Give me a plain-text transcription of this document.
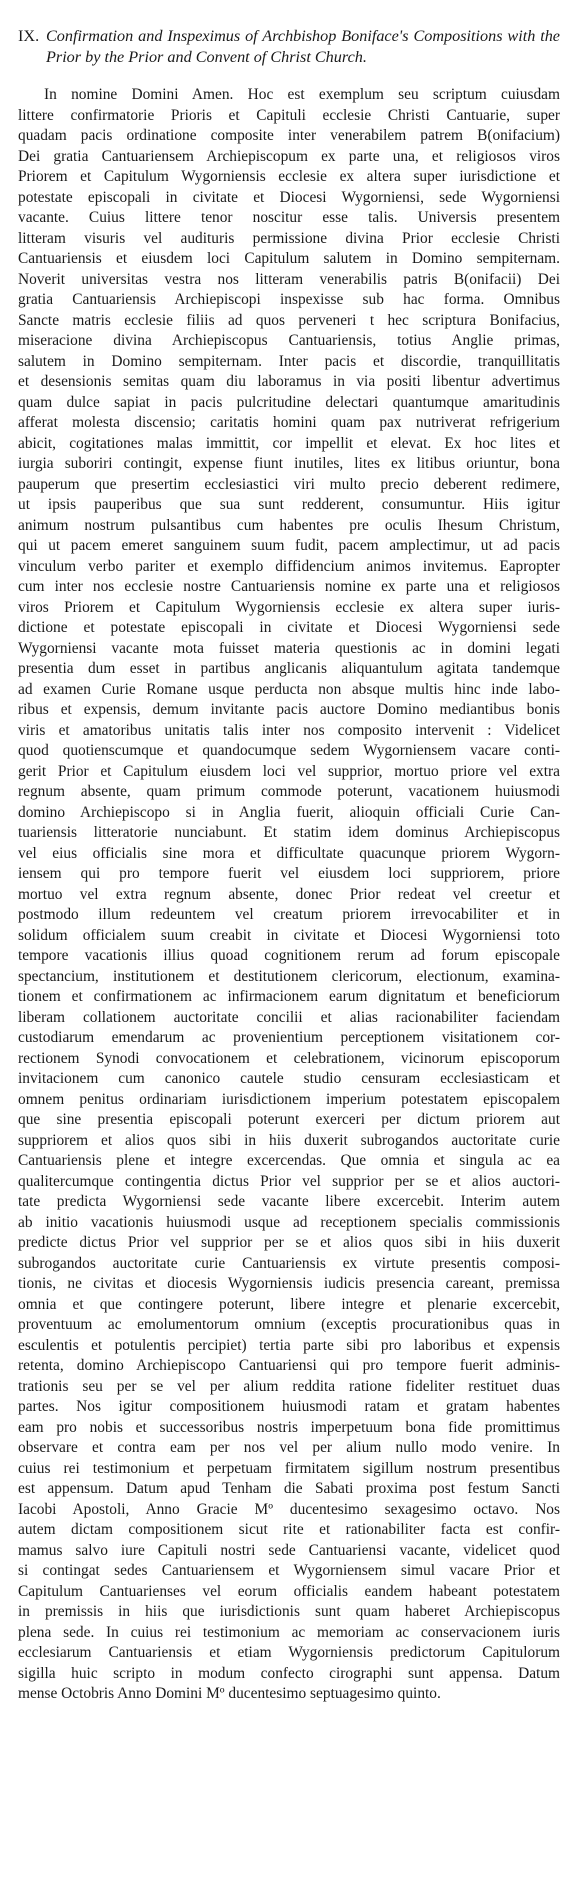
IX. Confirmation and Inspeximus of Archbishop Boniface's Compositions with the Prior by the Prior and Convent of Christ Church.
In nomine Domini Amen. Hoc est exemplum seu scriptum cuiusdam
littere confirmatorie Prioris et Capituli ecclesie Christi Cantuarie, super
quadam pacis ordinatione composite inter venerabilem patrem B(onifacium)
Dei gratia Cantuariensem Archiepiscopum ex parte una, et religiosos viros
Priorem et Capitulum Wygorniensis ecclesie ex altera super iurisdictione et
potestate episcopali in civitate et Diocesi Wygorniensi, sede Wygorniensi
vacante. Cuius littere tenor noscitur esse talis. Universis presentem
litteram visuris vel audituris permissione divina Prior ecclesie Christi
Cantuariensis et eiusdem loci Capitulum salutem in Domino sempiternam.
Noverit universitas vestra nos litteram venerabilis patris B(onifacii) Dei
gratia Cantuariensis Archiepiscopi inspexisse sub hac forma. Omnibus
Sancte matris ecclesie filiis ad quos perveneri t hec scriptura Bonifacius,
miseracione divina Archiepiscopus Cantuariensis, totius Anglie primas,
salutem in Domino sempiternam. Inter pacis et discordie, tranquillitatis
et desensionis semitas quam diu laboramus in via positi libentur advertimus
quam dulce sapiat in pacis pulcritudine delectari quantumque amaritudinis
afferat molesta discensio; caritatis homini quam pax nutriverat refrigerium
abicit, cogitationes malas immittit, cor impellit et elevat. Ex hoc lites et
iurgia suboriri contingit, expense fiunt inutiles, lites ex litibus oriuntur, bona
pauperum que presertim ecclesiastici viri multo precio deberent redimere,
ut ipsis pauperibus que sua sunt redderent, consumuntur. Hiis igitur
animum nostrum pulsantibus cum habentes pre oculis Ihesum Christum,
qui ut pacem emeret sanguinem suum fudit, pacem amplectimur, ut ad pacis
vinculum verbo pariter et exemplo diffidencium animos invitemus. Eapropter
cum inter nos ecclesie nostre Cantuariensis nomine ex parte una et religiosos
viros Priorem et Capitulum Wygorniensis ecclesie ex altera super iuris-
dictione et potestate episcopali in civitate et Diocesi Wygorniensi sede
Wygorniensi vacante mota fuisset materia questionis ac in domini legati
presentia dum esset in partibus anglicanis aliquantulum agitata tandemque
ad examen Curie Romane usque perducta non absque multis hinc inde labo-
ribus et expensis, demum invitante pacis auctore Domino mediantibus bonis
viris et amatoribus unitatis talis inter nos composito intervenit : Videlicet
quod quotienscumque et quandocumque sedem Wygorniensem vacare conti-
gerit Prior et Capitulum eiusdem loci vel supprior, mortuo priore vel extra
regnum absente, quam primum commode poterunt, vacationem huiusmodi
domino Archiepiscopo si in Anglia fuerit, alioquin officiali Curie Can-
tuariensis litteratorie nunciabunt. Et statim idem dominus Archiepiscopus
vel eius officialis sine mora et difficultate quacunque priorem Wygorn-
iensem qui pro tempore fuerit vel eiusdem loci suppriorem, priore
mortuo vel extra regnum absente, donec Prior redeat vel creetur et
postmodo illum redeuntem vel creatum priorem irrevocabiliter et in
solidum officialem suum creabit in civitate et Diocesi Wygorniensi toto
tempore vacationis illius quoad cognitionem rerum ad forum episcopale
spectancium, institutionem et destitutionem clericorum, electionum, examina-
tionem et confirmationem ac infirmacionem earum dignitatum et beneficiorum
liberam collationem auctoritate concilii et alias racionabiliter faciendam
custodiarum emendarum ac provenientium perceptionem visitationem cor-
rectionem Synodi convocationem et celebrationem, vicinorum episcoporum
invitacionem cum canonico cautele studio censuram ecclesiasticam et
omnem penitus ordinariam iurisdictionem imperium potestatem episcopalem
que sine presentia episcopali poterunt exerceri per dictum priorem aut
suppriorem et alios quos sibi in hiis duxerit subrogandos auctoritate curie
Cantuariensis plene et integre excercendas. Que omnia et singula ac ea
qualitercumque contingentia dictus Prior vel supprior per se et alios auctori-
tate predicta Wygorniensi sede vacante libere excercebit. Interim autem
ab initio vacationis huiusmodi usque ad receptionem specialis commissionis
predicte dictus Prior vel supprior per se et alios quos sibi in hiis duxerit
subrogandos auctoritate curie Cantuariensis ex virtute presentis composi-
tionis, ne civitas et diocesis Wygorniensis iudicis presencia careant, premissa
omnia et que contingere poterunt, libere integre et plenarie excercebit,
proventuum ac emolumentorum omnium (exceptis procurationibus quas in
esculentis et potulentis percipiet) tertia parte sibi pro laboribus et expensis
retenta, domino Archiepiscopo Cantuariensi qui pro tempore fuerit adminis-
trationis seu per se vel per alium reddita ratione fideliter restituet duas
partes. Nos igitur compositionem huiusmodi ratam et gratam habentes
eam pro nobis et successoribus nostris imperpetuum bona fide promittimus
observare et contra eam per nos vel per alium nullo modo venire. In
cuius rei testimonium et perpetuam firmitatem sigillum nostrum presentibus
est appensum. Datum apud Tenham die Sabati proxima post festum Sancti
Iacobi Apostoli, Anno Gracie Mº ducentesimo sexagesimo octavo. Nos
autem dictam compositionem sicut rite et rationabiliter facta est confir-
mamus salvo iure Capituli nostri sede Cantuariensi vacante, videlicet quod
si contingat sedes Cantuariensem et Wygorniensem simul vacare Prior et
Capitulum Cantuarienses vel eorum officialis eandem habeant potestatem
in premissis in hiis que iurisdictionis sunt quam haberet Archiepiscopus
plena sede. In cuius rei testimonium ac memoriam ac conservacionem iuris
ecclesiarum Cantuariensis et etiam Wygorniensis predictorum Capitulorum
sigilla huic scripto in modum confecto cirographi sunt appensa. Datum
mense Octobris Anno Domini Mº ducentesimo septuagesimo quinto.
